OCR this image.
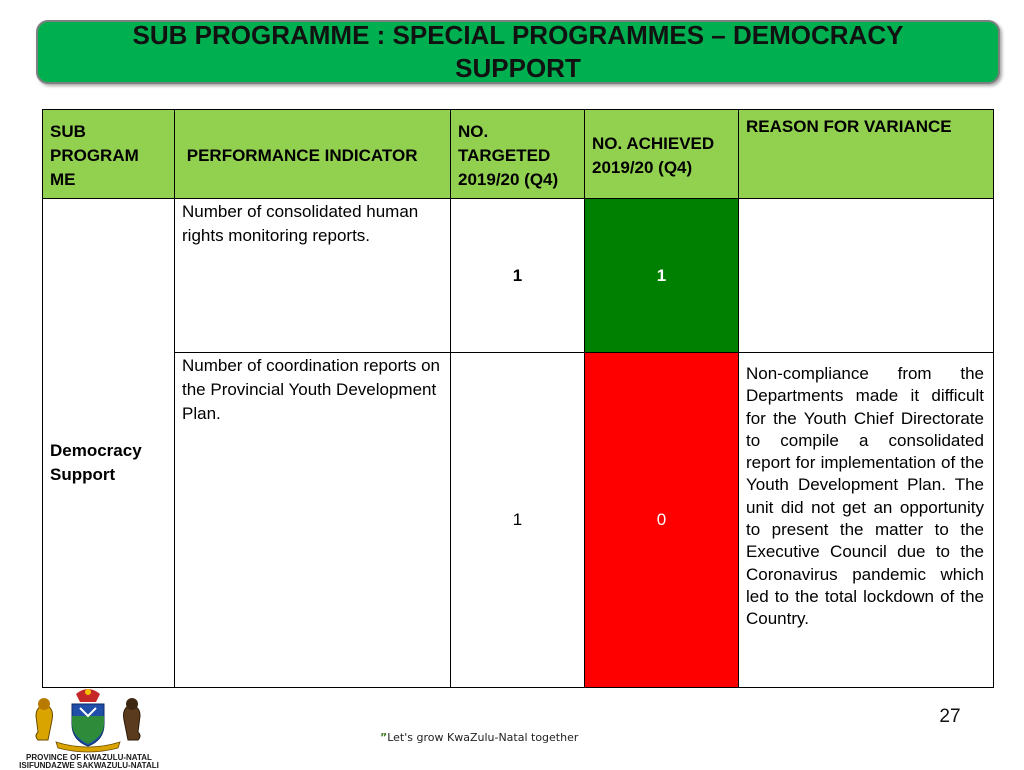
SUB PROGRAMME : SPECIAL PROGRAMMES – DEMOCRACY SUPPORT
SUB PROGRAM ME	PERFORMANCE INDICATOR	NO. TARGETED 2019/20 (Q4)	NO. ACHIEVED 2019/20 (Q4)	REASON FOR VARIANCE

Democracy Support	Number of consolidated human rights monitoring reports.	1	1	

	Number of coordination reports on the Provincial Youth Development Plan.	1	0	Non-compliance from the Departments made it difficult for the Youth Chief Directorate to compile a consolidated report for implementation of the Youth Development Plan. The unit did not get an opportunity to present the matter to the Executive Council due to the Coronavirus pandemic which led to the total lockdown of the Country.
PROVINCE OF KWAZULU-NATAL
ISIFUNDAZWE SAKWAZULU-NATALI
27
”Let's grow KwaZulu-Natal together
